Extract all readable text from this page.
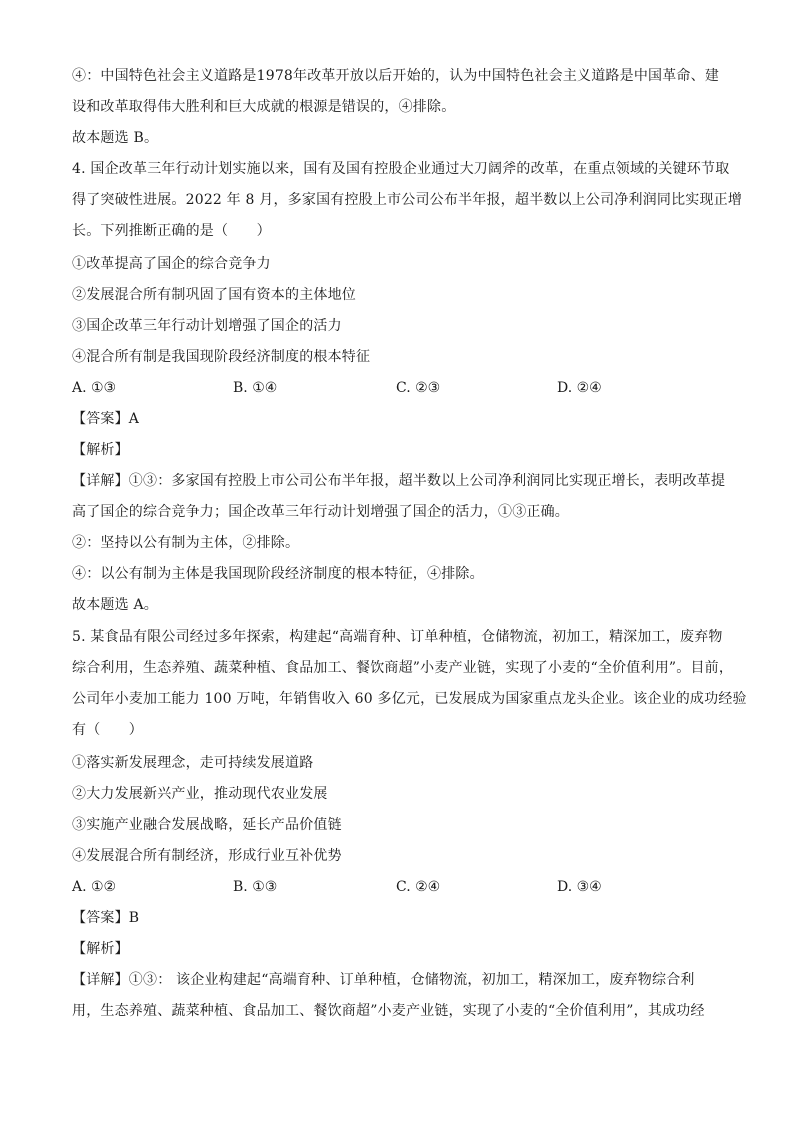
④：中国特色社会主义道路是1978年改革开放以后开始的，认为中国特色社会主义道路是中国革命、建
设和改革取得伟大胜利和巨大成就的根源是错误的，④排除。
故本题选 B。
4. 国企改革三年行动计划实施以来，国有及国有控股企业通过大刀阔斧的改革，在重点领域的关键环节取
得了突破性进展。2022 年 8 月，多家国有控股上市公司公布半年报，超半数以上公司净利润同比实现正增
长。下列推断正确的是（　　）
①改革提高了国企的综合竞争力
②发展混合所有制巩固了国有资本的主体地位
③国企改革三年行动计划增强了国企的活力
④混合所有制是我国现阶段经济制度的根本特征
A. ①③	B. ①④	C. ②③	D. ②④
【答案】A
【解析】
【详解】①③：多家国有控股上市公司公布半年报，超半数以上公司净利润同比实现正增长，表明改革提
高了国企的综合竞争力；国企改革三年行动计划增强了国企的活力，①③正确。
②：坚持以公有制为主体，②排除。
④：以公有制为主体是我国现阶段经济制度的根本特征，④排除。
故本题选 A。
5. 某食品有限公司经过多年探索，构建起“高端育种、订单种植，仓储物流，初加工，精深加工，废弃物
综合利用，生态养殖、蔬菜种植、食品加工、餐饮商超”小麦产业链，实现了小麦的“全价值利用”。目前，
公司年小麦加工能力 100 万吨，年销售收入 60 多亿元，已发展成为国家重点龙头企业。该企业的成功经验
有（　　）
①落实新发展理念，走可持续发展道路
②大力发展新兴产业，推动现代农业发展
③实施产业融合发展战略，延长产品价值链
④发展混合所有制经济，形成行业互补优势
A. ①②	B. ①③	C. ②④	D. ③④
【答案】B
【解析】
【详解】①③： 该企业构建起“高端育种、订单种植，仓储物流，初加工，精深加工，废弃物综合利
用，生态养殖、蔬菜种植、食品加工、餐饮商超”小麦产业链，实现了小麦的“全价值利用”，其成功经
